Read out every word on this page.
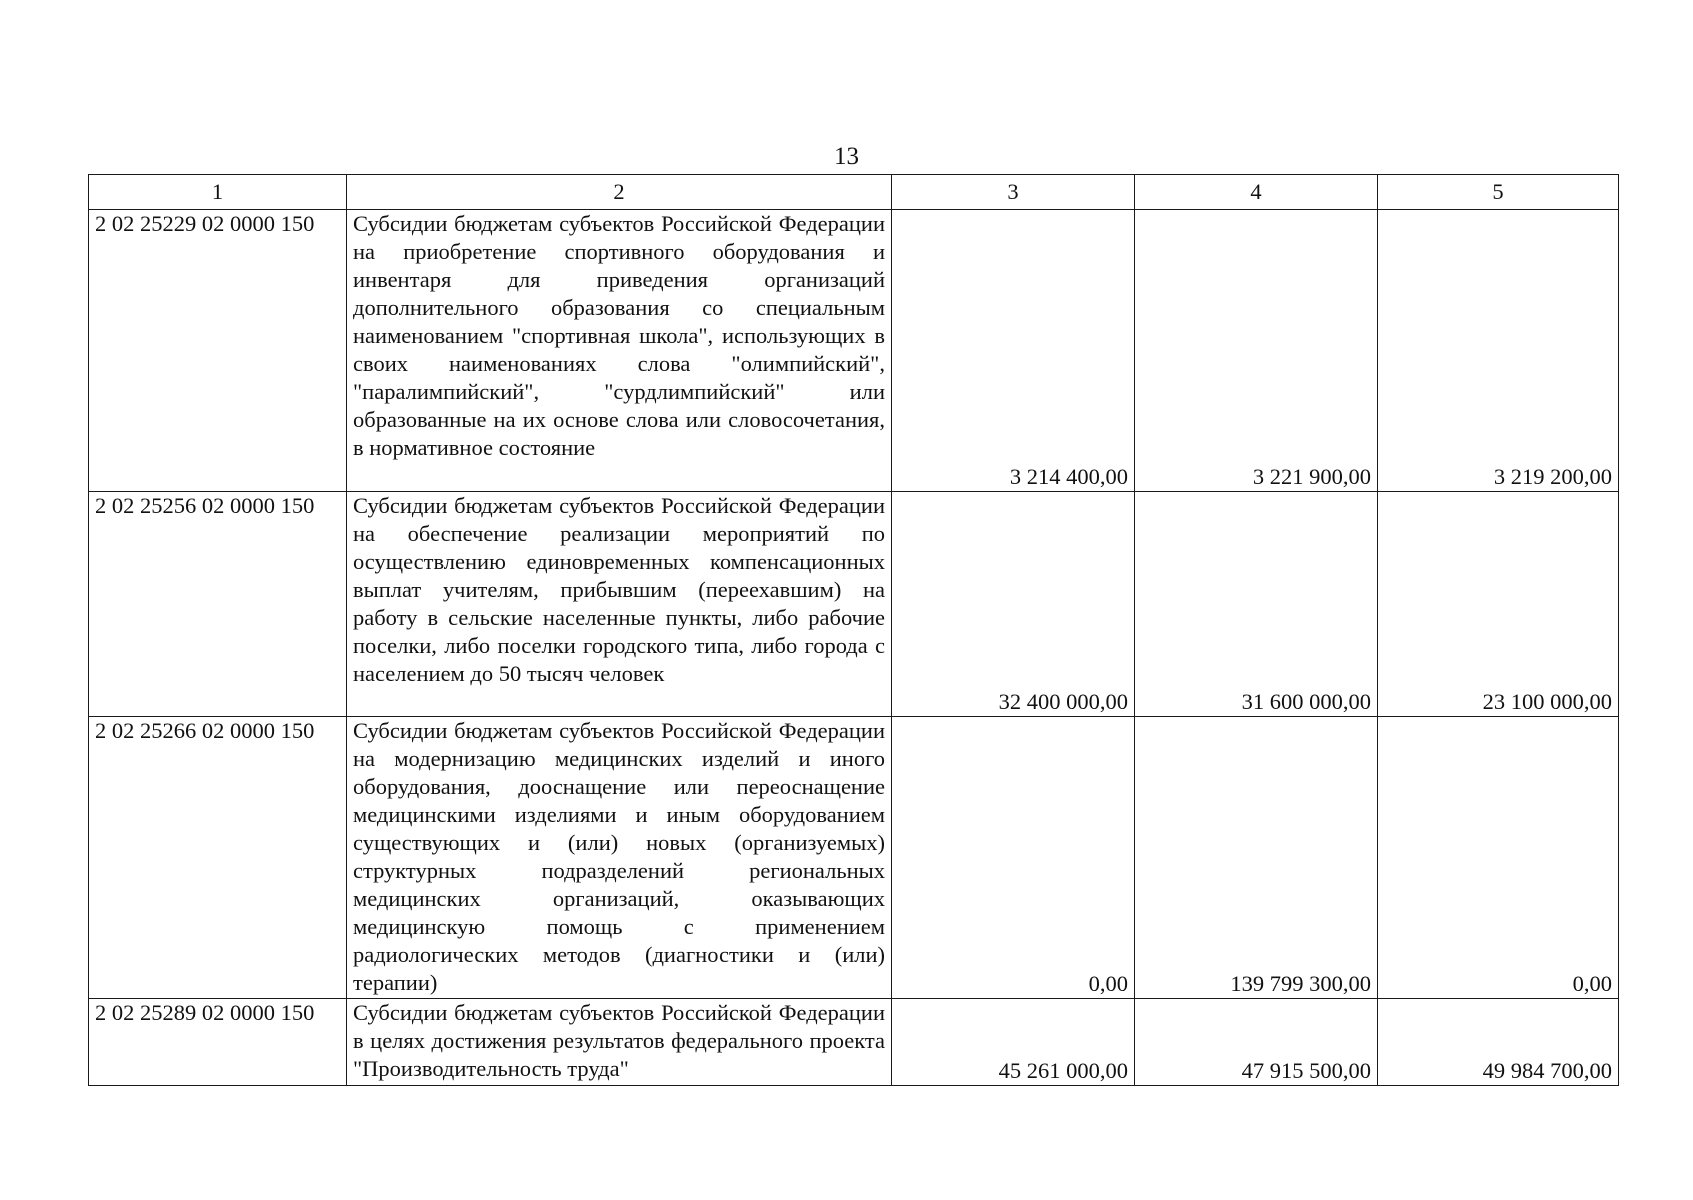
13
1	2	3	4	5
2 02 25229 02 0000 150	Субсидии бюджетам субъектов Российской Федерации на приобретение спортивного оборудования и инвентаря для приведения организаций дополнительного образования со специальным наименованием "спортивная школа", использующих в своих наименованиях слова "олимпийский", "паралимпийский", "сурдлимпийский" или образованные на их основе слова или словосочетания, в нормативное состояние	3 214 400,00	3 221 900,00	3 219 200,00
2 02 25256 02 0000 150	Субсидии бюджетам субъектов Российской Федерации на обеспечение реализации мероприятий по осуществлению единовременных компенсационных выплат учителям, прибывшим (переехавшим) на работу в сельские населенные пункты, либо рабочие поселки, либо поселки городского типа, либо города с населением до 50 тысяч человек	32 400 000,00	31 600 000,00	23 100 000,00
2 02 25266 02 0000 150	Субсидии бюджетам субъектов Российской Федерации на модернизацию медицинских изделий и иного оборудования, дооснащение или переоснащение медицинскими изделиями и иным оборудованием существующих и (или) новых (организуемых) структурных подразделений региональных медицинских организаций, оказывающих медицинскую помощь с применением радиологических методов (диагностики и (или) терапии)	0,00	139 799 300,00	0,00
2 02 25289 02 0000 150	Субсидии бюджетам субъектов Российской Федерации в целях достижения результатов федерального проекта "Производительность труда"	45 261 000,00	47 915 500,00	49 984 700,00
